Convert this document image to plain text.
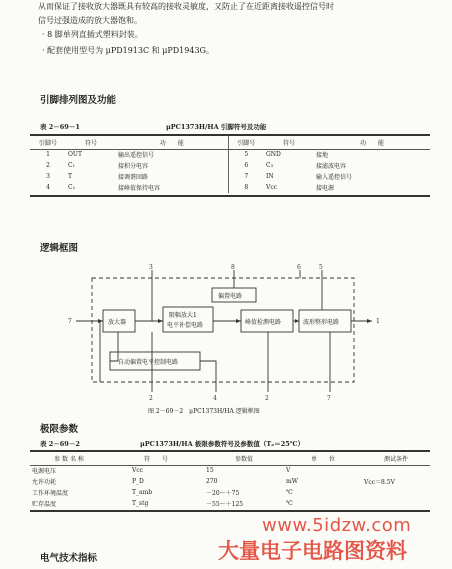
从而保证了接收放大器既具有较高的接收灵敏度，又防止了在近距离接收遥控信号时
信号过强造成的放大器饱和。
· 8 脚单列直插式塑料封装。
· 配套使用型号为 μPD1913C 和 μPD1943G。
引脚排列图及功能
表 2－69－1	μPC1373H/HA 引脚符号及功能
引脚号	符号	功　　能	引脚号	符号	功　　能
1	OUT	输出遥控信号	5	GND	接地
2	C₁	接积分电容	6	C₃	接滤波电容
3	T	接调谐回路	7	IN	输入遥控信号
4	C₂	接峰值保持电容	8	Vcc	接电源
逻辑框图
3	8	6	5
7	1
2	4	2	7
偏置电路
放大器
限幅放大1
电平补偿电路	峰值检测电路	波形整形电路
自动偏置电平控制电路
图 2－69－2　μPC1373H/HA 逻辑框图
极限参数
表 2－69－2	μPC1373H/HA 极限参数符号及参数值（Tₐ＝25℃）
参 数 名 称	符　　号	参数值	单　　位	测试条件
电源电压	Vcc	15	V	
允许功耗	P_D	270	mW	Vcc＝8.5V
工作环境温度	T_amb	－20～＋75	℃	
贮存温度	T_stg	－55～＋125	℃	
电气技术指标
www.5idzw.com
大量电子电路图资料
